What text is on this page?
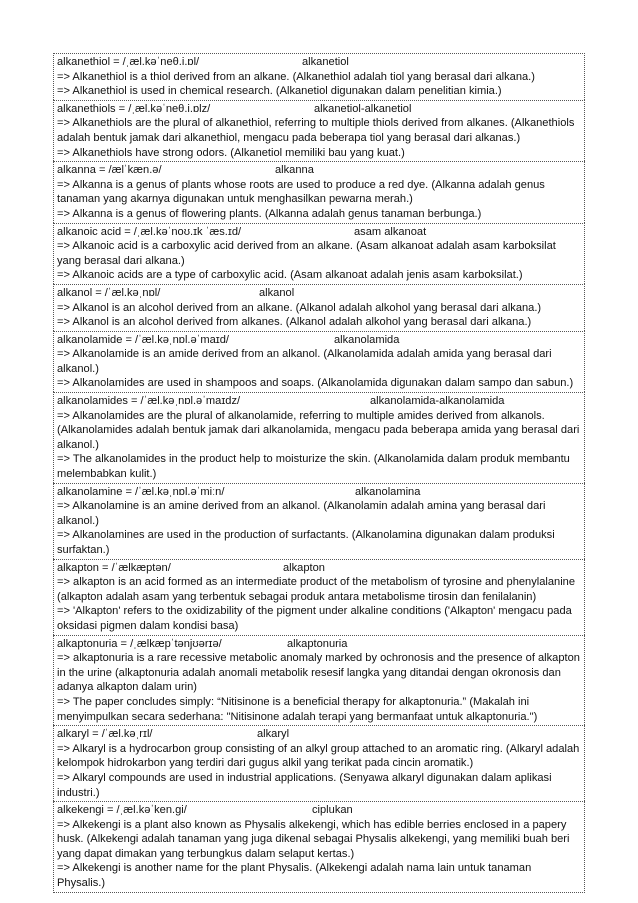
alkanethiol = /ˌæl.kəˈneθ.i.ɒl/	alkanetiol
=> Alkanethiol is a thiol derived from an alkane. (Alkanethiol adalah tiol yang berasal dari alkana.)
=> Alkanethiol is used in chemical research. (Alkanetiol digunakan dalam penelitian kimia.)
alkanethiols = /ˌæl.kəˈneθ.i.ɒlz/	alkanetiol-alkanetiol
=> Alkanethiols are the plural of alkanethiol, referring to multiple thiols derived from alkanes. (Alkanethiols adalah bentuk jamak dari alkanethiol, mengacu pada beberapa tiol yang berasal dari alkanas.)
=> Alkanethiols have strong odors. (Alkanetiol memiliki bau yang kuat.)
alkanna = /ælˈkæn.ə/	alkanna
=> Alkanna is a genus of plants whose roots are used to produce a red dye. (Alkanna adalah genus tanaman yang akarnya digunakan untuk menghasilkan pewarna merah.)
=> Alkanna is a genus of flowering plants. (Alkanna adalah genus tanaman berbunga.)
alkanoic acid = /ˌæl.kəˈnoʊ.ɪk ˈæs.ɪd/	asam alkanoat
=> Alkanoic acid is a carboxylic acid derived from an alkane. (Asam alkanoat adalah asam karboksilat yang berasal dari alkana.)
=> Alkanoic acids are a type of carboxylic acid. (Asam alkanoat adalah jenis asam karboksilat.)
alkanol = /ˈæl.kəˌnɒl/	alkanol
=> Alkanol is an alcohol derived from an alkane. (Alkanol adalah alkohol yang berasal dari alkana.)
=> Alkanol is an alcohol derived from alkanes. (Alkanol adalah alkohol yang berasal dari alkana.)
alkanolamide = /ˈæl.kəˌnɒl.əˈmaɪd/	alkanolamida
=> Alkanolamide is an amide derived from an alkanol. (Alkanolamida adalah amida yang berasal dari alkanol.)
=> Alkanolamides are used in shampoos and soaps. (Alkanolamida digunakan dalam sampo dan sabun.)
alkanolamides = /ˈæl.kəˌnɒl.əˈmaɪdz/	alkanolamida-alkanolamida
=> Alkanolamides are the plural of alkanolamide, referring to multiple amides derived from alkanols. (Alkanolamides adalah bentuk jamak dari alkanolamida, mengacu pada beberapa amida yang berasal dari alkanol.)
=> The alkanolamides in the product help to moisturize the skin. (Alkanolamida dalam produk membantu melembabkan kulit.)
alkanolamine = /ˈæl.kəˌnɒl.əˈmiːn/	alkanolamina
=> Alkanolamine is an amine derived from an alkanol. (Alkanolamin adalah amina yang berasal dari alkanol.)
=> Alkanolamines are used in the production of surfactants. (Alkanolamina digunakan dalam produksi surfaktan.)
alkapton = /ˈælkæptən/	alkapton
=> alkapton is an acid formed as an intermediate product of the metabolism of tyrosine and phenylalanine (alkapton adalah asam yang terbentuk sebagai produk antara metabolisme tirosin dan fenilalanin)
=> 'Alkapton' refers to the oxidizability of the pigment under alkaline conditions ('Alkapton' mengacu pada oksidasi pigmen dalam kondisi basa)
alkaptonuria = /ˌælkæpˈtənjʊərɪə/	alkaptonuria
=> alkaptonuria is a rare recessive metabolic anomaly marked by ochronosis and the presence of alkapton in the urine (alkaptonuria adalah anomali metabolik resesif langka yang ditandai dengan okronosis dan adanya alkapton dalam urin)
=> The paper concludes simply: “Nitisinone is a beneficial therapy for alkaptonuria.” (Makalah ini menyimpulkan secara sederhana: "Nitisinone adalah terapi yang bermanfaat untuk alkaptonuria.")
alkaryl = /ˈæl.kəˌrɪl/	alkaryl
=> Alkaryl is a hydrocarbon group consisting of an alkyl group attached to an aromatic ring. (Alkaryl adalah kelompok hidrokarbon yang terdiri dari gugus alkil yang terikat pada cincin aromatik.)
=> Alkaryl compounds are used in industrial applications. (Senyawa alkaryl digunakan dalam aplikasi industri.)
alkekengi = /ˌæl.kəˈken.gi/	ciplukan
=> Alkekengi is a plant also known as Physalis alkekengi, which has edible berries enclosed in a papery husk. (Alkekengi adalah tanaman yang juga dikenal sebagai Physalis alkekengi, yang memiliki buah beri yang dapat dimakan yang terbungkus dalam selaput kertas.)
=> Alkekengi is another name for the plant Physalis. (Alkekengi adalah nama lain untuk tanaman Physalis.)
